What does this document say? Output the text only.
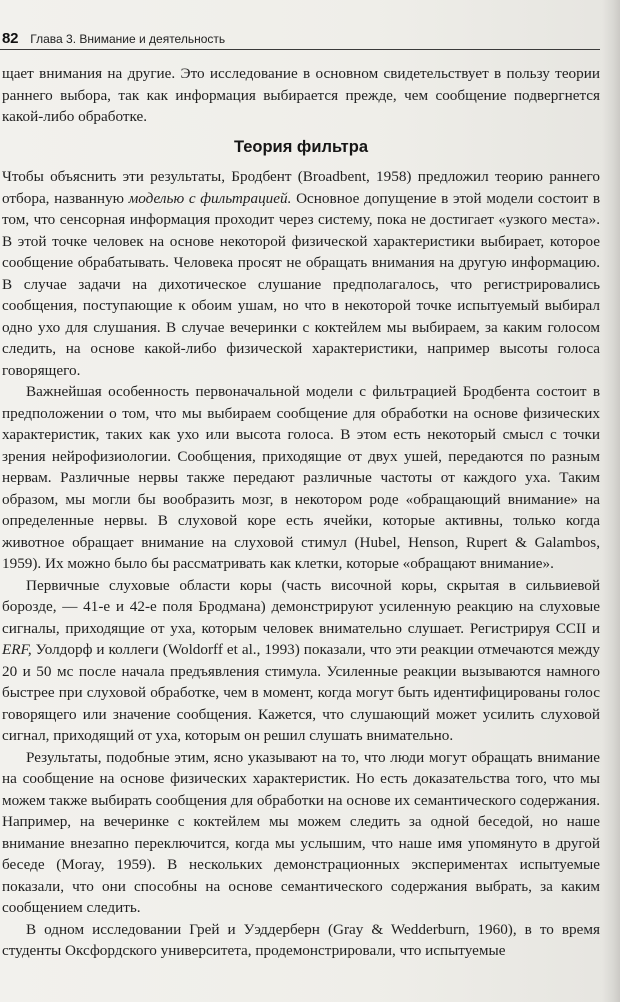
82 Глава 3. Внимание и деятельность

щает внимания на другие. Это исследование в основном свидетельствует в пользу теории раннего выбора, так как информация выбирается прежде, чем сообщение подвергнется какой-либо обработке.

Теория фильтра

Чтобы объяснить эти результаты, Бродбент (Broadbent, 1958) предложил теорию раннего отбора, названную моделью с фильтрацией. Основное допущение в этой модели состоит в том, что сенсорная информация проходит через систему, пока не достигает «узкого места». В этой точке человек на основе некоторой физической характеристики выбирает, которое сообщение обрабатывать. Человека просят не обращать внимания на другую информацию. В случае задачи на дихотическое слушание предполагалось, что регистрировались сообщения, поступающие к обоим ушам, но что в некоторой точке испытуемый выбирал одно ухо для слушания. В случае вечеринки с коктейлем мы выбираем, за каким голосом следить, на основе какой-либо физической характеристики, например высоты голоса говорящего.

Важнейшая особенность первоначальной модели с фильтрацией Бродбента состоит в предположении о том, что мы выбираем сообщение для обработки на основе физических характеристик, таких как ухо или высота голоса. В этом есть некоторый смысл с точки зрения нейрофизиологии. Сообщения, приходящие от двух ушей, передаются по разным нервам. Различные нервы также передают различные частоты от каждого уха. Таким образом, мы могли бы вообразить мозг, в некотором роде «обращающий внимание» на определенные нервы. В слуховой коре есть ячейки, которые активны, только когда животное обращает внимание на слуховой стимул (Hubel, Henson, Rupert & Galambos, 1959). Их можно было бы рассматривать как клетки, которые «обращают внимание».

Первичные слуховые области коры (часть височной коры, скрытая в сильвиевой борозде, — 41-е и 42-е поля Бродмана) демонстрируют усиленную реакцию на слуховые сигналы, приходящие от уха, которым человек внимательно слушает. Регистрируя CCII и ERF, Уолдорф и коллеги (Woldorff et al., 1993) показали, что эти реакции отмечаются между 20 и 50 мс после начала предъявления стимула. Усиленные реакции вызываются намного быстрее при слуховой обработке, чем в момент, когда могут быть идентифицированы голос говорящего или значение сообщения. Кажется, что слушающий может усилить слуховой сигнал, приходящий от уха, которым он решил слушать внимательно.

Результаты, подобные этим, ясно указывают на то, что люди могут обращать внимание на сообщение на основе физических характеристик. Но есть доказательства того, что мы можем также выбирать сообщения для обработки на основе их семантического содержания. Например, на вечеринке с коктейлем мы можем следить за одной беседой, но наше внимание внезапно переключится, когда мы услышим, что наше имя упомянуто в другой беседе (Moray, 1959). В нескольких демонстрационных экспериментах испытуемые показали, что они способны на основе семантического содержания выбрать, за каким сообщением следить.

В одном исследовании Грей и Уэддерберн (Gray & Wedderburn, 1960), в то время студенты Оксфордского университета, продемонстрировали, что испытуемые
